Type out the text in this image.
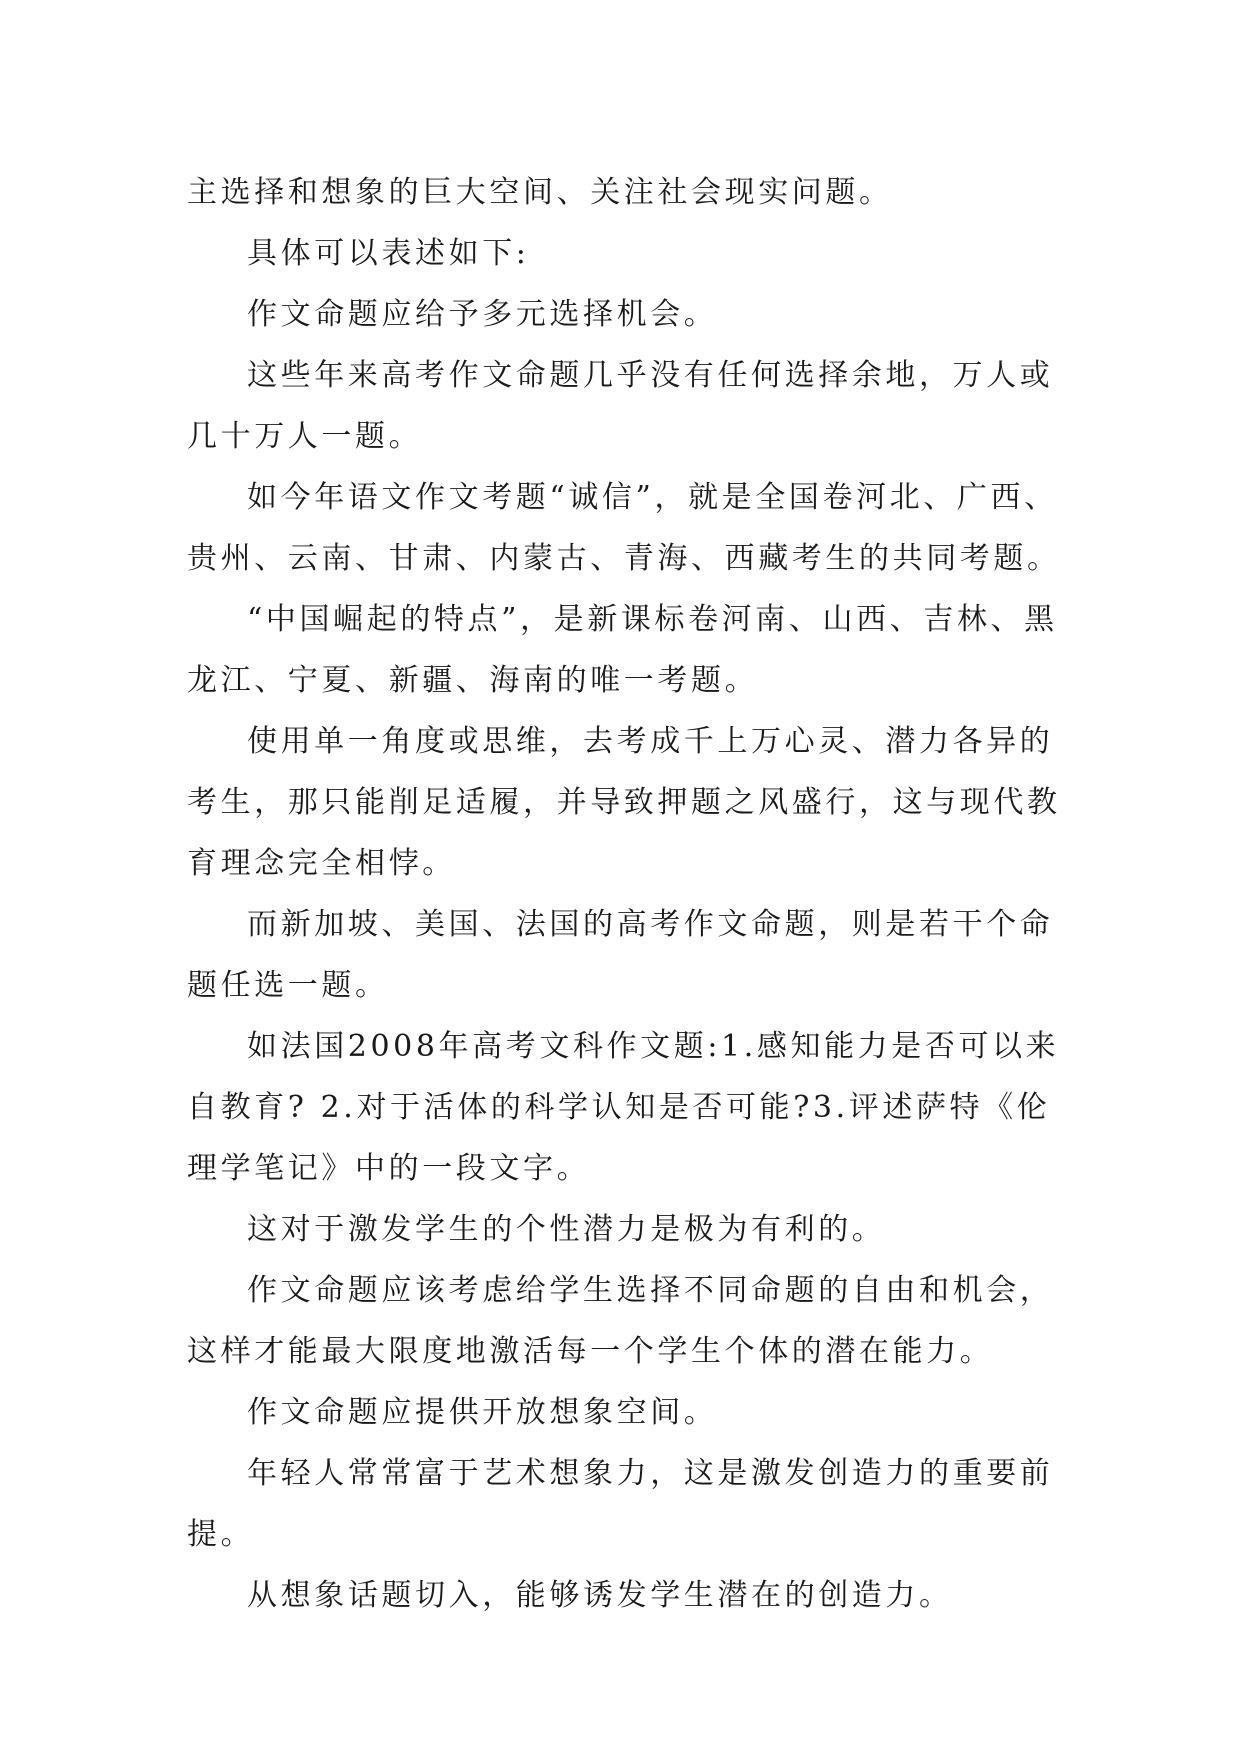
主选择和想象的巨大空间、关注社会现实问题。

具体可以表述如下:

作文命题应给予多元选择机会。

这些年来高考作文命题几乎没有任何选择余地，万人或几十万人一题。

如今年语文作文考题“诚信”，就是全国卷河北、广西、贵州、云南、甘肃、内蒙古、青海、西藏考生的共同考题。

“中国崛起的特点”，是新课标卷河南、山西、吉林、黑龙江、宁夏、新疆、海南的唯一考题。

使用单一角度或思维，去考成千上万心灵、潜力各异的考生，那只能削足适履，并导致押题之风盛行，这与现代教育理念完全相悖。

而新加坡、美国、法国的高考作文命题，则是若干个命题任选一题。

如法国2008年高考文科作文题:1.感知能力是否可以来自教育? 2.对于活体的科学认知是否可能?3.评述萨特《伦理学笔记》中的一段文字。

这对于激发学生的个性潜力是极为有利的。

作文命题应该考虑给学生选择不同命题的自由和机会，这样才能最大限度地激活每一个学生个体的潜在能力。

作文命题应提供开放想象空间。

年轻人常常富于艺术想象力，这是激发创造力的重要前提。

从想象话题切入，能够诱发学生潜在的创造力。
